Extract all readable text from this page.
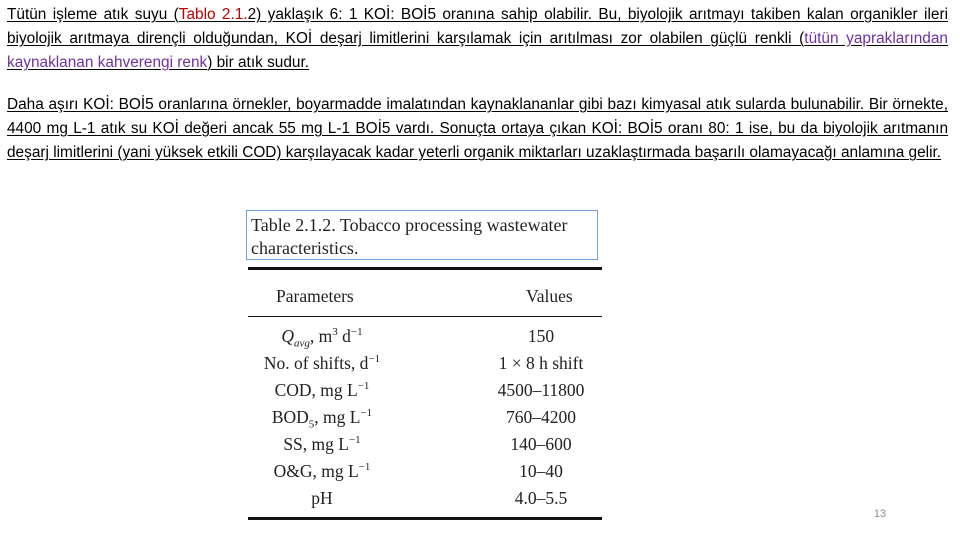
Tütün işleme atık suyu (Tablo 2.1.2) yaklaşık 6: 1 KOİ: BOİ5 oranına sahip olabilir. Bu, biyolojik arıtmayı takiben kalan organikler ileri biyolojik arıtmaya dirençli olduğundan, KOİ deşarj limitlerini karşılamak için arıtılması zor olabilen güçlü renkli (tütün yapraklarından kaynaklanan kahverengi renk) bir atık sudur.

Daha aşırı KOİ: BOİ5 oranlarına örnekler, boyarmadde imalatından kaynaklananlar gibi bazı kimyasal atık sularda bulunabilir. Bir örnekte, 4400 mg L-1 atık su KOİ değeri ancak 55 mg L-1 BOİ5 vardı. Sonuçta ortaya çıkan KOİ: BOİ5 oranı 80: 1 ise, bu da biyolojik arıtmanın deşarj limitlerini (yani yüksek etkili COD) karşılayacak kadar yeterli organik miktarları uzaklaştırmada başarılı olamayacağı anlamına gelir.

Table 2.1.2. Tobacco processing wastewater characteristics.
Parameters	Values
$Q_{avg}$, $m^3$ $d^{-1}$	150
No. of shifts, $d^{-1}$	1 × 8 h shift
COD, mg $L^{-1}$	4500–11800
$BOD_5$, mg $L^{-1}$	760–4200
SS, mg $L^{-1}$	140–600
O&G, mg $L^{-1}$	10–40
pH	4.0–5.5
13
